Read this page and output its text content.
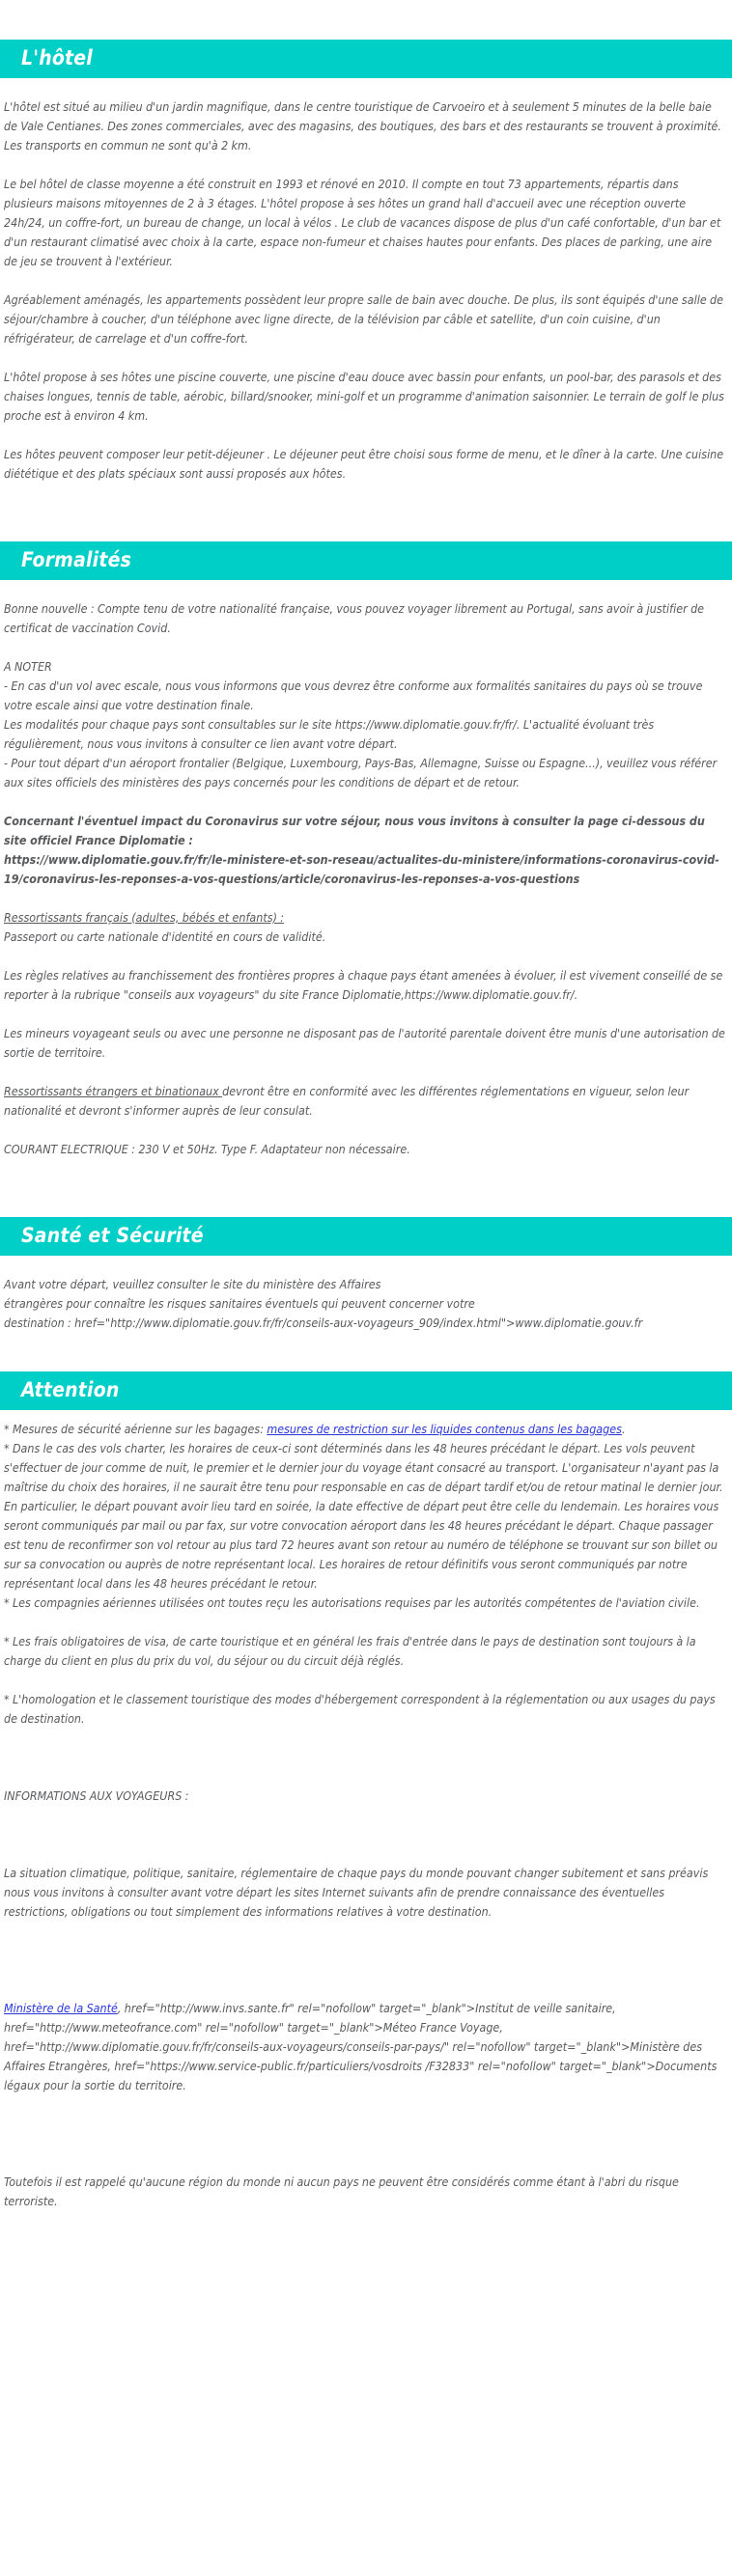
L'hôtel

L'hôtel est situé au milieu d'un jardin magnifique, dans le centre touristique de Carvoeiro et à seulement 5 minutes de la belle baie de Vale Centianes. Des zones commerciales, avec des magasins, des boutiques, des bars et des restaurants se trouvent à proximité. Les transports en commun ne sont qu'à 2 km.

Le bel hôtel de classe moyenne a été construit en 1993 et rénové en 2010. Il compte en tout 73 appartements, répartis dans plusieurs maisons mitoyennes de 2 à 3 étages. L'hôtel propose à ses hôtes un grand hall d'accueil avec une réception ouverte 24h/24, un coffre-fort, un bureau de change, un local à vélos . Le club de vacances dispose de plus d'un café confortable, d'un bar et d'un restaurant climatisé avec choix à la carte, espace non-fumeur et chaises hautes pour enfants. Des places de parking, une aire de jeu se trouvent à l'extérieur.

Agréablement aménagés, les appartements possèdent leur propre salle de bain avec douche. De plus, ils sont équipés d'une salle de séjour/chambre à coucher, d'un téléphone avec ligne directe, de la télévision par câble et satellite, d'un coin cuisine, d'un réfrigérateur, de carrelage et d'un coffre-fort.

L'hôtel propose à ses hôtes une piscine couverte, une piscine d'eau douce avec bassin pour enfants, un pool-bar, des parasols et des chaises longues, tennis de table, aérobic, billard/snooker, mini-golf et un programme d'animation saisonnier. Le terrain de golf le plus proche est à environ 4 km.

Les hôtes peuvent composer leur petit-déjeuner . Le déjeuner peut être choisi sous forme de menu, et le dîner à la carte. Une cuisine diététique et des plats spéciaux sont aussi proposés aux hôtes.

Formalités

Bonne nouvelle : Compte tenu de votre nationalité française, vous pouvez voyager librement au Portugal, sans avoir à justifier de certificat de vaccination Covid.

A NOTER

- En cas d'un vol avec escale, nous vous informons que vous devrez être conforme aux formalités sanitaires du pays où se trouve votre escale ainsi que votre destination finale.

Les modalités pour chaque pays sont consultables sur le site https://www.diplomatie.gouv.fr/fr/. L'actualité évoluant très régulièrement, nous vous invitons à consulter ce lien avant votre départ.

- Pour tout départ d'un aéroport frontalier (Belgique, Luxembourg, Pays-Bas, Allemagne, Suisse ou Espagne...), veuillez vous référer aux sites officiels des ministères des pays concernés pour les conditions de départ et de retour.

Concernant l'éventuel impact du Coronavirus sur votre séjour, nous vous invitons à consulter la page ci-dessous du site officiel France Diplomatie :

https://www.diplomatie.gouv.fr/fr/le-ministere-et-son-reseau/actualites-du-ministere/informations-coronavirus-covid-19/coronavirus-les-reponses-a-vos-questions/article/coronavirus-les-reponses-a-vos-questions

Ressortissants français (adultes, bébés et enfants) :

Passeport ou carte nationale d'identité en cours de validité.

Les règles relatives au franchissement des frontières propres à chaque pays étant amenées à évoluer, il est vivement conseillé de se reporter à la rubrique "conseils aux voyageurs" du site France Diplomatie,https://www.diplomatie.gouv.fr/.

Les mineurs voyageant seuls ou avec une personne ne disposant pas de l'autorité parentale doivent être munis d'une autorisation de sortie de territoire.

Ressortissants étrangers et binationaux devront être en conformité avec les différentes réglementations en vigueur, selon leur nationalité et devront s'informer auprès de leur consulat.

COURANT ELECTRIQUE : 230 V et 50Hz. Type F. Adaptateur non nécessaire.

Santé et Sécurité

Avant votre départ, veuillez consulter le site du ministère des Affaires

étrangères pour connaître les risques sanitaires éventuels qui peuvent concerner votre

destination : href="http://www.diplomatie.gouv.fr/fr/conseils-aux-voyageurs_909/index.html">www.diplomatie.gouv.fr

Attention

* Mesures de sécurité aérienne sur les bagages: mesures de restriction sur les liquides contenus dans les bagages.

* Dans le cas des vols charter, les horaires de ceux-ci sont déterminés dans les 48 heures précédant le départ. Les vols peuvent s'effectuer de jour comme de nuit, le premier et le dernier jour du voyage étant consacré au transport. L'organisateur n'ayant pas la maîtrise du choix des horaires, il ne saurait être tenu pour responsable en cas de départ tardif et/ou de retour matinal le dernier jour. En particulier, le départ pouvant avoir lieu tard en soirée, la date effective de départ peut être celle du lendemain. Les horaires vous seront communiqués par mail ou par fax, sur votre convocation aéroport dans les 48 heures précédant le départ. Chaque passager est tenu de reconfirmer son vol retour au plus tard 72 heures avant son retour au numéro de téléphone se trouvant sur son billet ou sur sa convocation ou auprès de notre représentant local. Les horaires de retour définitifs vous seront communiqués par notre représentant local dans les 48 heures précédant le retour.

* Les compagnies aériennes utilisées ont toutes reçu les autorisations requises par les autorités compétentes de l'aviation civile.

* Les frais obligatoires de visa, de carte touristique et en général les frais d'entrée dans le pays de destination sont toujours à la charge du client en plus du prix du vol, du séjour ou du circuit déjà réglés.

* L'homologation et le classement touristique des modes d'hébergement correspondent à la réglementation ou aux usages du pays de destination.

INFORMATIONS AUX VOYAGEURS :

La situation climatique, politique, sanitaire, réglementaire de chaque pays du monde pouvant changer subitement et sans préavis

nous vous invitons à consulter avant votre départ les sites Internet suivants afin de prendre connaissance des éventuelles restrictions, obligations ou tout simplement des informations relatives à votre destination.

Ministère de la Santé, href="http://www.invs.sante.fr" rel="nofollow" target="_blank">Institut de veille sanitaire, href="http://www.meteofrance.com" rel="nofollow" target="_blank">Méteo France Voyage, href="http://www.diplomatie.gouv.fr/fr/conseils-aux-voyageurs/conseils-par-pays/" rel="nofollow" target="_blank">Ministère des Affaires Etrangères, href="https://www.service-public.fr/particuliers/vosdroits /F32833" rel="nofollow" target="_blank">Documents légaux pour la sortie du territoire.

Toutefois il est rappelé qu'aucune région du monde ni aucun pays ne peuvent être considérés comme étant à l'abri du risque terroriste.
